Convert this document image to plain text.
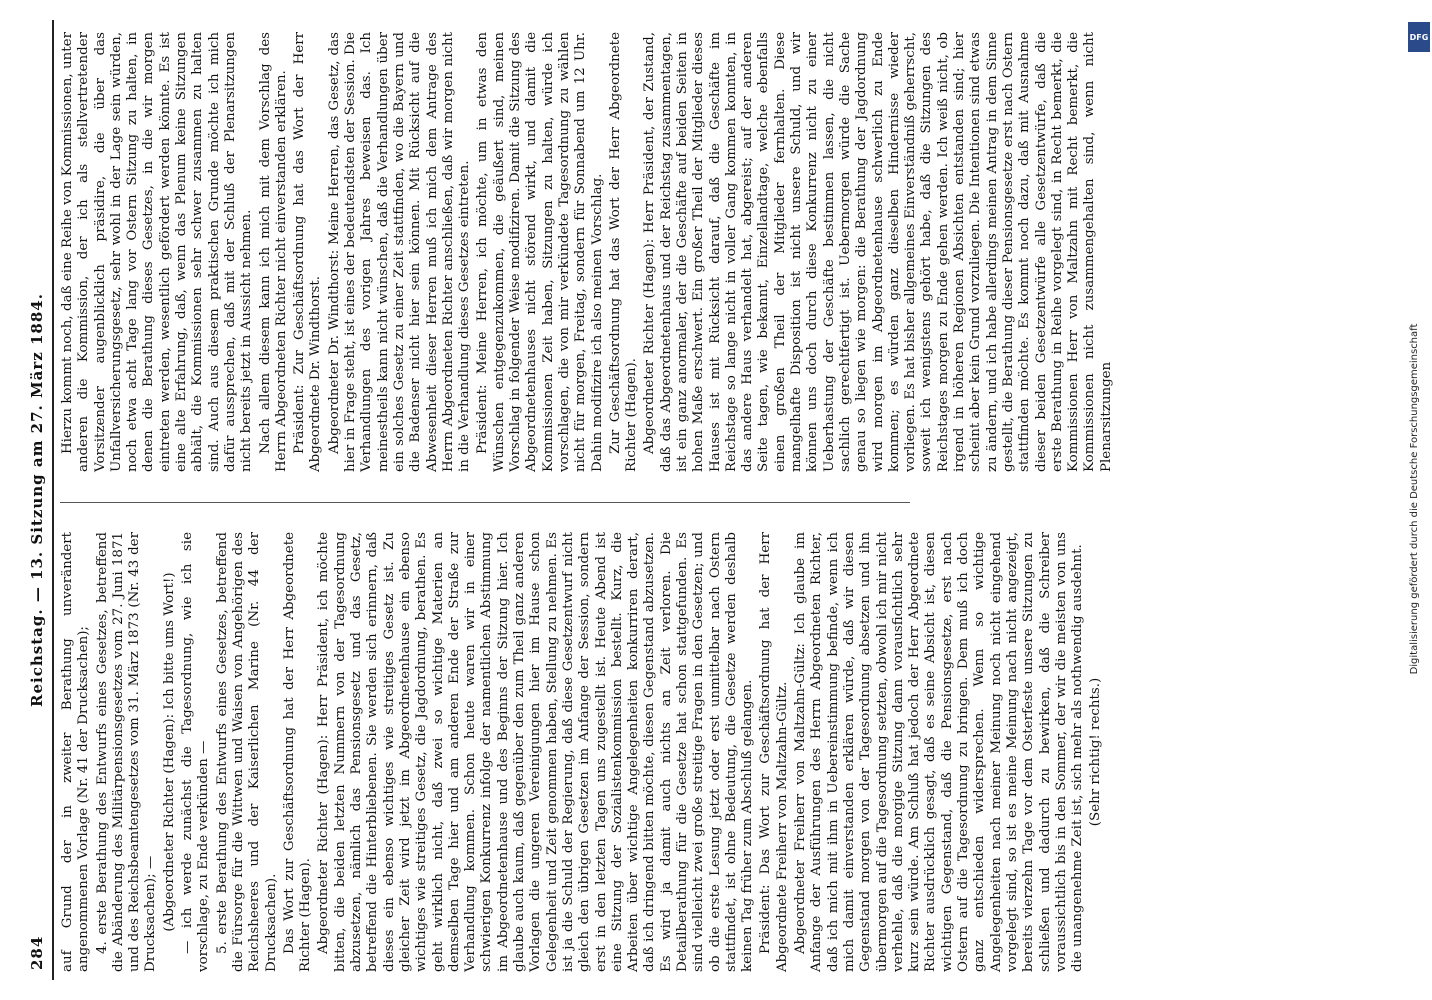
284
Reichstag. — 13. Sitzung am 27. März 1884.

auf Grund der in zweiter Berathung unverändert angenommenen Vorlage (Nr. 41 der Drucksachen); 4. erste Berathung des Entwurfs eines Gesetzes, betreffend die Abänderung des Militärpensionsgesetzes vom 27. Juni 1871 und des Reichsbeamtengesetzes vom 31. März 1873 (Nr. 43 der Drucksachen); — (Abgeordneter Richter (Hagen): Ich bitte ums Wort!) — ich werde zunächst die Tagesordnung, wie ich sie vorschlage, zu Ende verkünden — 5. erste Berathung des Entwurfs eines Gesetzes, betreffend die Fürsorge für die Wittwen und Waisen von Angehörigen des Reichsheeres und der Kaiserlichen Marine (Nr. 44 der Drucksachen). Das Wort zur Geschäftsordnung hat der Herr Abgeordnete Richter (Hagen). Abgeordneter Richter (Hagen): Herr Präsident, ich möchte bitten, die beiden letzten Nummern von der Tagesordnung abzusetzen, nämlich das Pensionsgesetz und das Gesetz, betreffend die Hinterbliebenen. Sie werden sich erinnern, daß dieses ein ebenso wichtiges wie streitiges Gesetz ist. Zu gleicher Zeit wird jetzt im Abgeordnetenhause ein ebenso wichtiges wie streitiges Gesetz, die Jagdordnung, berathen. Es geht wirklich nicht, daß zwei so wichtige Materien an demselben Tage hier und am anderen Ende der Straße zur Verhandlung kommen. Schon heute waren wir in einer schwierigen Konkurrenz infolge der namentlichen Abstimmung im Abgeordnetenhause und des Beginns der Sitzung hier. Ich glaube auch kaum, daß gegenüber den zum Theil ganz anderen Vorlagen die ungeren Vereinigungen hier im Hause schon Gelegenheit und Zeit genommen haben, Stellung zu nehmen. Es ist ja die Schuld der Regierung, daß diese Gesetzentwurf nicht gleich den übrigen Gesetzen im Anfange der Session, sondern erst in den letzten Tagen uns zugestellt ist. Heute Abend ist eine Sitzung der Sozialistenkommission bestellt. Kurz, die Arbeiten über wichtige Angelegenheiten konkurriren derart, daß ich dringend bitten möchte, diesen Gegenstand abzusetzen. Es wird ja damit auch nichts an Zeit verloren. Die Detailberathung für die Gesetze hat schon stattgefunden. Es sind vielleicht zwei große streitige Fragen in den Gesetzen; und ob die erste Lesung jetzt oder erst unmittelbar nach Ostern stattfindet, ist ohne Bedeutung, die Gesetze werden deshalb keinen Tag früher zum Abschluß gelangen. Präsident: Das Wort zur Geschäftsordnung hat der Herr Abgeordnete Freiherr von Maltzahn-Gültz. Abgeordneter Freiherr von Maltzahn-Gültz: Ich glaube im Anfange der Ausführungen des Herrn Abgeordneten Richter, daß ich mich mit ihm in Uebereinstimmung befinde, wenn ich mich damit einverstanden erklären würde, daß wir diesen Gegenstand morgen von der Tagesordnung absetzen und ihn übermorgen auf die Tagesordnung setzten, obwohl ich mir nicht verhehle, daß die morgige Sitzung dann vorausfichtlich sehr kurz sein würde. Am Schluß hat jedoch der Herr Abgeordnete Richter ausdrücklich gesagt, daß es seine Absicht ist, diesen wichtigen Gegenstand, daß die Pensionsgesetze, erst nach Ostern auf die Tagesordnung zu bringen. Dem muß ich doch ganz entschieden widersprechen. Wenn so wichtige Angelegenheiten nach meiner Meinung noch nicht eingehend vorgelegt sind, so ist es meine Meinung nach nicht angezeigt, bereits vierzehn Tage vor dem Osterfeste unsere Sitzungen zu schließen und dadurch zu bewirken, daß die Schreiber voraussichtlich bis in den Sommer, der wir die meisten von uns die unangenehme Zeit ist, sich mehr als nothwendig ausdehnt. (Sehr richtig! rechts.)

Hierzu kommt noch, daß eine Reihe von Kommissionen, unter anderen die Kommission, der ich als stellvertretender Vorsitzender augenblicklich präsidire, die über das Unfallversicherungsgesetz, sehr wohl in der Lage sein würden, noch etwa acht Tage lang vor Ostern Sitzung zu halten, in denen die Berathung dieses Gesetzes, in die wir morgen eintreten werden, wesentlich gefördert werden könnte. Es ist eine alte Erfahrung, daß, wenn das Plenum keine Sitzungen abhält, die Kommissionen sehr schwer zusammen zu halten sind. Auch aus diesem praktischen Grunde möchte ich mich dafür aussprechen, daß mit der Schluß der Plenarsitzungen nicht bereits jetzt in Aussicht nehmen. Nach allem diesem kann ich mich mit dem Vorschlag des Herrn Abgeordneten Richter nicht einverstanden erklären. Präsident: Zur Geschäftsordnung hat das Wort der Herr Abgeordnete Dr. Windthorst. Abgeordneter Dr. Windthorst: Meine Herren, das Gesetz, das hier in Frage steht, ist eines der bedeutendsten der Session. Die Verhandlungen des vorigen Jahres beweisen das. Ich meinestheils kann nicht wünschen, daß die Verhandlungen über ein solches Gesetz zu einer Zeit stattfinden, wo die Bayern und die Badenser nicht hier sein können. Mit Rücksicht auf die Abwesenheit dieser Herren muß ich mich dem Antrage des Herrn Abgeordneten Richter anschließen, daß wir morgen nicht in die Verhandlung dieses Gesetzes eintreten. Präsident: Meine Herren, ich möchte, um in etwas den Wünschen entgegenzukommen, die geäußert sind, meinen Vorschlag in folgender Weise modifiziren. Damit die Sitzung des Abgeordnetenhauses nicht störend wirkt, und damit die Kommissionen Zeit haben, Sitzungen zu halten, würde ich vorschlagen, die von mir verkündete Tagesordnung zu wählen nicht für morgen, Freitag, sondern für Sonnabend um 12 Uhr. Dahin modifizire ich also meinen Vorschlag. Zur Geschäftsordnung hat das Wort der Herr Abgeordnete Richter (Hagen). Abgeordneter Richter (Hagen): Herr Präsident, der Zustand, daß das Abgeordnetenhaus und der Reichstag zusammentagen, ist ein ganz anormaler, der die Geschäfte auf beiden Seiten in hohen Maße erschwert. Ein großer Theil der Mitglieder dieses Hauses ist mit Rücksicht darauf, daß die Geschäfte im Reichstage so lange nicht in voller Gang kommen konnten, in das andere Haus verhandelt hat, abgereist; auf der anderen Seite tagen, wie bekannt, Einzellandtage, welche ebenfalls einen großen Theil der Mitglieder fernhalten. Diese mangelhafte Disposition ist nicht unsere Schuld, und wir können uns doch durch diese Konkurrenz nicht zu einer Ueberhastung der Geschäfte bestimmen lassen, die nicht sachlich gerechtfertigt ist. Uebermorgen würde die Sache genau so liegen wie morgen: die Berathung der Jagdordnung wird morgen im Abgeordnetenhause schwerlich zu Ende kommen; es würden ganz dieselben Hindernisse wieder vorliegen. Es hat bisher allgemeines Einverständniß geherrscht, soweit ich wenigstens gehört habe, daß die Sitzungen des Reichstages morgen zu Ende gehen werden. Ich weiß nicht, ob irgend in höheren Regionen Absichten entstanden sind; hier scheint aber kein Grund vorzuliegen. Die Intentionen sind etwas zu ändern, und ich habe allerdings meinen Antrag in dem Sinne gestellt, die Berathung dieser Pensionsgesetze erst nach Ostern stattfinden möchte. Es kommt noch dazu, daß mit Ausnahme dieser beiden Gesetzentwürfe alle Gesetzentwürfe, daß die erste Berathung in Reihe vorgelegt sind, in Recht bemerkt, die Kommissionen Herr von Maltzahn mit Recht bemerkt, die Kommissionen nicht zusammengehalten sind, wenn nicht Plenarsitzungen	Digitalisierung gefördert durch die Deutsche Forschungsgemeinschaft
DFG
